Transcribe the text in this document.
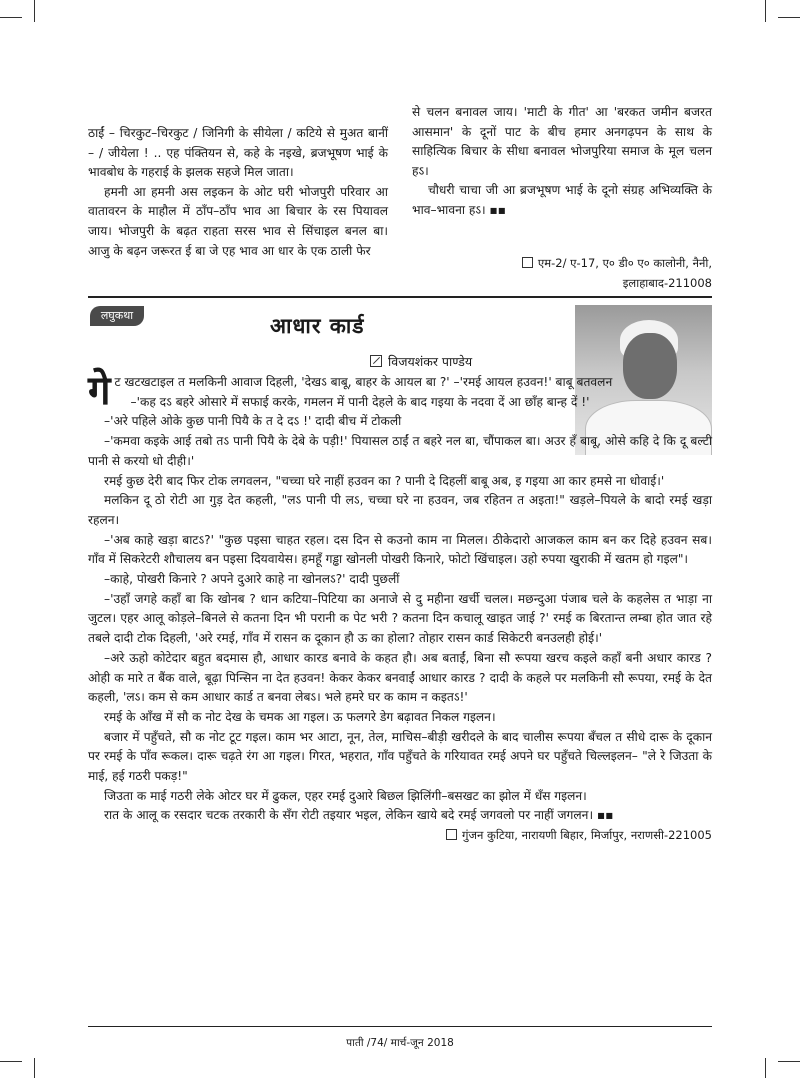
ठाईं – चिरकुट–चिरकुट / जिनिगी के सीयेला / कटिये से मुअत बानीं – / जीयेला ! .. एह पंक्तियन से, कहे के नइखे, ब्रजभूषण भाई के भावबोध के गहराई के झलक सहजे मिल जाता।

हमनी आ हमनी अस लइकन के ओट घरी भोजपुरी परिवार आ वातावरन के माहौल में ठाँप–ठाँप भाव आ बिचार के रस पियावल जाय। भोजपुरी के बढ़त राहता सरस भाव से सिंचाइल बनल बा। आजु के बढ़न जरूरत ई बा जे एह भाव आ धार के एक ठाली फेर

से चलन बनावल जाय। 'माटी के गीत' आ 'बरकत जमीन बजरत आसमान' के दूनों पाट के बीच हमार अनगढ़पन के साथ के साहित्यिक बिचार के सीधा बनावल भोजपुरिया समाज के मूल चलन हऽ।

चौधरी चाचा जी आ ब्रजभूषण भाई के दूनो संग्रह अभिव्यक्ति के भाव–भावना हऽ। ▪▪

एम-2/ ए-17, ए० डी० ए० कालोनी, नैनी,
इलाहाबाद-211008
लघुकथा	आधार कार्ड
विजयशंकर पाण्डेय

गेट खटखटाइल त मलकिनी आवाज दिहली, 'देखऽ बाबू, बाहर के आयल बा ?' –'रमई आयल हउवन!' बाबू बतवलन

–'कह दऽ बहरे ओसारे में सफाई करके, गमलन में पानी देहले के बाद गइया के नदवा दें आ छाँह बान्ह दें !'

–'अरे पहिले ओके कुछ पानी पियै के त दे दऽ !' दादी बीच में टोकली

–'कमवा कइके आई तबो तऽ पानी पियै के देबे के पड़ी!' पियासल ठाईं त बहरे नल बा, चौंपाकल बा। अउर हँ बाबू, ओसे कहि दे कि दू बल्टी पानी से करयो धो दीही।'

रमई कुछ देरी बाद फिर टोक लगवलन, "चच्चा घरे नाहीं हउवन का ? पानी दे दिहलीं बाबू अब, इ गइया आ कार हमसे ना धोवाई।'

मलकिन दू ठो रोटी आ गुड़ देत कहली, "लऽ पानी पी लऽ, चच्चा घरे ना हउवन, जब रहितन त अइता!" खड़ले–पियले के बादो रमई खड़ा रहलन।

–'अब काहे खड़ा बाटऽ?' "कुछ पइसा चाहत रहल। दस दिन से कउनो काम ना मिलल। ठीकेदारो आजकल काम बन कर दिहे हउवन सब। गाँव में सिकरेटरी शौचालय बन पइसा दियवायेस। हमहूँ गड्ढा खोनली पोखरी किनारे, फोटो खिंचाइल। उहो रुपया खुराकी में खतम हो गइल"।

–काहे, पोखरी किनारे ? अपने दुआरे काहे ना खोनलऽ?' दादी पुछलीं

–'उहाँ जगहे कहाँ बा कि खोनब ? धान कटिया–पिटिया का अनाजे से दु महीना खर्ची चलल। मछन्दुआ पंजाब चले के कहलेस त भाड़ा ना जुटल। एहर आलू कोड़ले–बिनले से कतना दिन भी परानी क पेट भरी ? कतना दिन कचालू खाइत जाई ?' रमई क बिरतान्त लम्बा होत जात रहे तबले दादी टोक दिहली, 'अरे रमई, गाँव में रासन क दूकान हौ ऊ का होला? तोहार रासन कार्ड सिकेटरी बनउलही होई।'

–अरे ऊहो कोटेदार बहुत बदमास हौ, आधार कारड बनावे के कहत हौ। अब बताईं, बिना सौ रूपया खरच कइले कहाँ बनी अधार कारड ? ओही क मारे त बैंक वाले, बूढ़ा पिन्सिन ना देत हउवन! केकर केकर बनवाईं आधार कारड ? दादी के कहले पर मलकिनी सौ रूपया, रमई के देत कहली, 'लऽ। कम से कम आधार कार्ड त बनवा लेबऽ। भले हमरे घर क काम न कइतऽ!'

रमई के आँख में सौ क नोट देख के चमक आ गइल। ऊ फलगरे डेग बढ़ावत निकल गइलन।

बजार में पहुँचते, सौ क नोट टूट गइल। काम भर आटा, नून, तेल, माचिस–बीड़ी खरीदले के बाद चालीस रूपया बँचल त सीधे दारू के दूकान पर रमई के पाँव रूकल। दारू चढ़ते रंग आ गइल। गिरत, भहरात, गाँव पहुँचते के गरियावत रमई अपने घर पहुँचते चिल्लइलन– "ले रे जिउता के माई, हई गठरी पकड़!"

जिउता क माई गठरी लेके ओटर घर में ढुकल, एहर रमई दुआरे बिछल झिलिंगी–बसखट का झोल में धँस गइलन।

रात के आलू क रसदार चटक तरकारी के सँग रोटी तइयार भइल, लेकिन खाये बदे रमई जगवलो पर नाहीं जगलन। ▪▪

गुंजन कुटिया, नारायणी बिहार, मिर्जापुर, नराणसी-221005
पाती /74/ मार्च-जून 2018
